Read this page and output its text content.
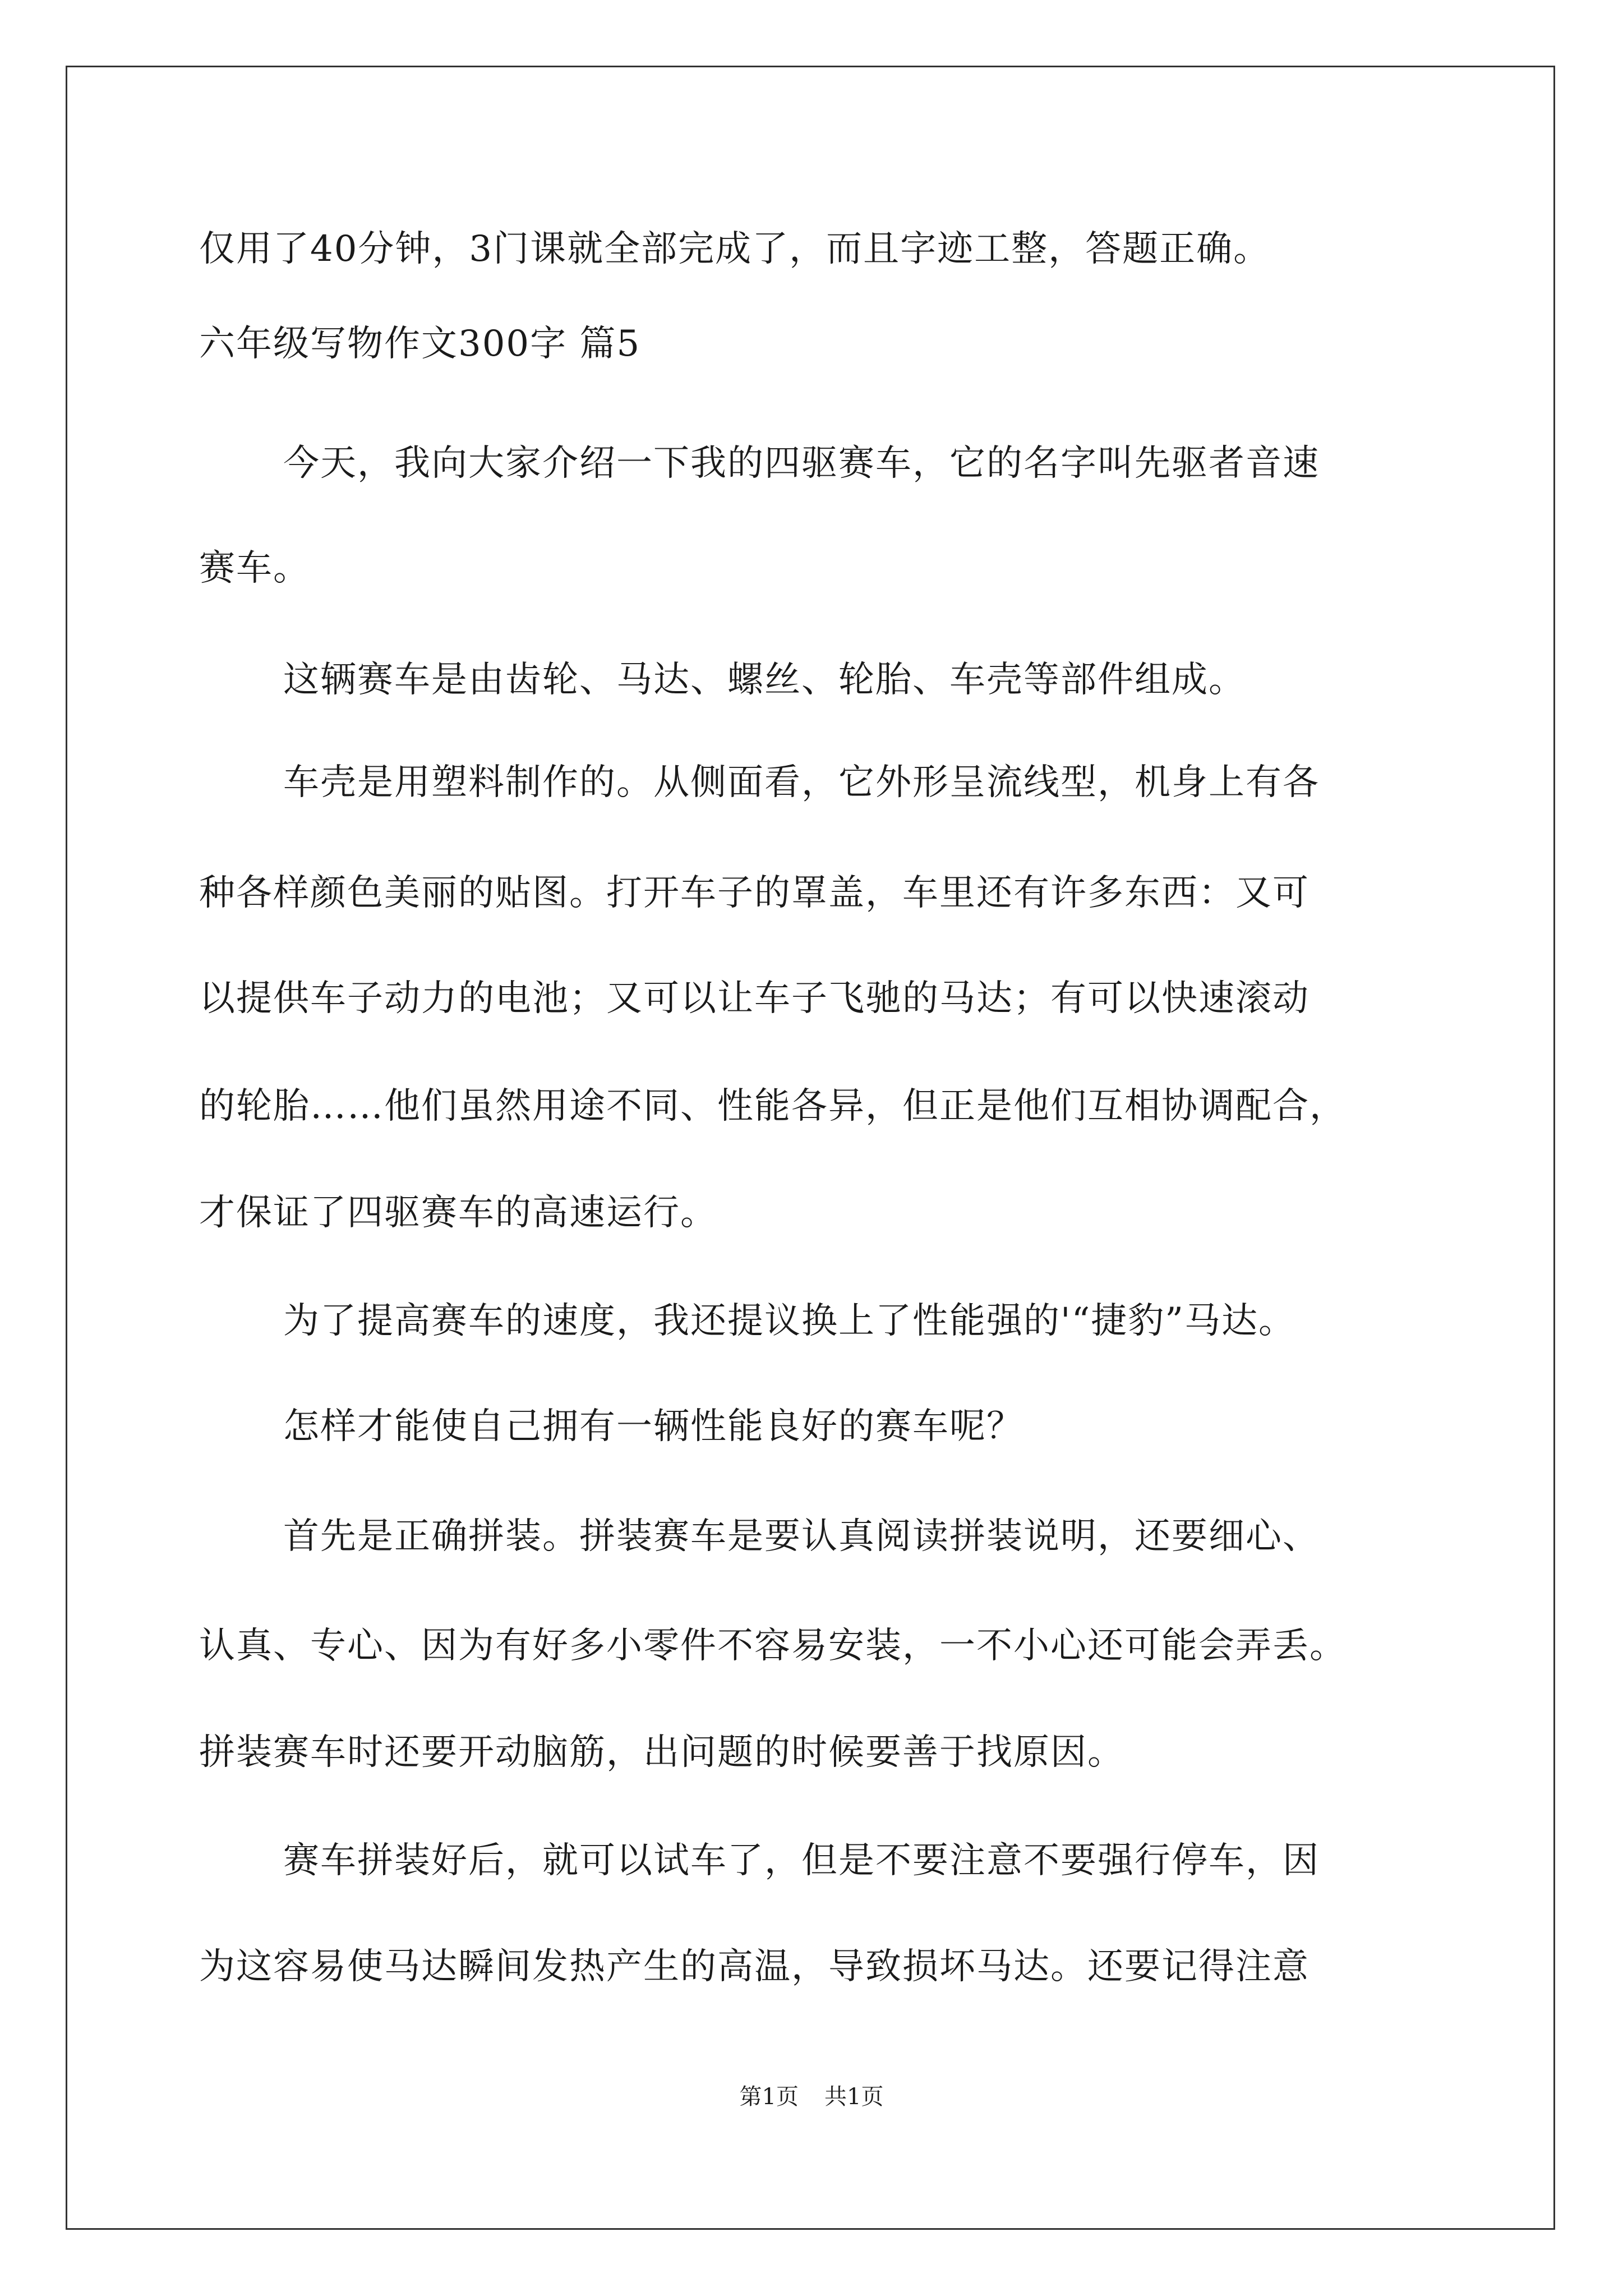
仅用了40分钟，3门课就全部完成了，而且字迹工整，答题正确。
六年级写物作文300字 篇5
今天，我向大家介绍一下我的四驱赛车，它的名字叫先驱者音速
赛车。
这辆赛车是由齿轮、马达、螺丝、轮胎、车壳等部件组成。
车壳是用塑料制作的。从侧面看，它外形呈流线型，机身上有各
种各样颜色美丽的贴图。打开车子的罩盖，车里还有许多东西：又可
以提供车子动力的电池；又可以让车子飞驰的马达；有可以快速滚动
的轮胎……他们虽然用途不同、性能各异，但正是他们互相协调配合，
才保证了四驱赛车的高速运行。
为了提高赛车的速度，我还提议换上了性能强的'“捷豹”马达。
怎样才能使自己拥有一辆性能良好的赛车呢？
首先是正确拼装。拼装赛车是要认真阅读拼装说明，还要细心、
认真、专心、因为有好多小零件不容易安装，一不小心还可能会弄丢。
拼装赛车时还要开动脑筋，出问题的时候要善于找原因。
赛车拼装好后，就可以试车了，但是不要注意不要强行停车，因
为这容易使马达瞬间发热产生的高温，导致损坏马达。还要记得注意
第1页 共1页
